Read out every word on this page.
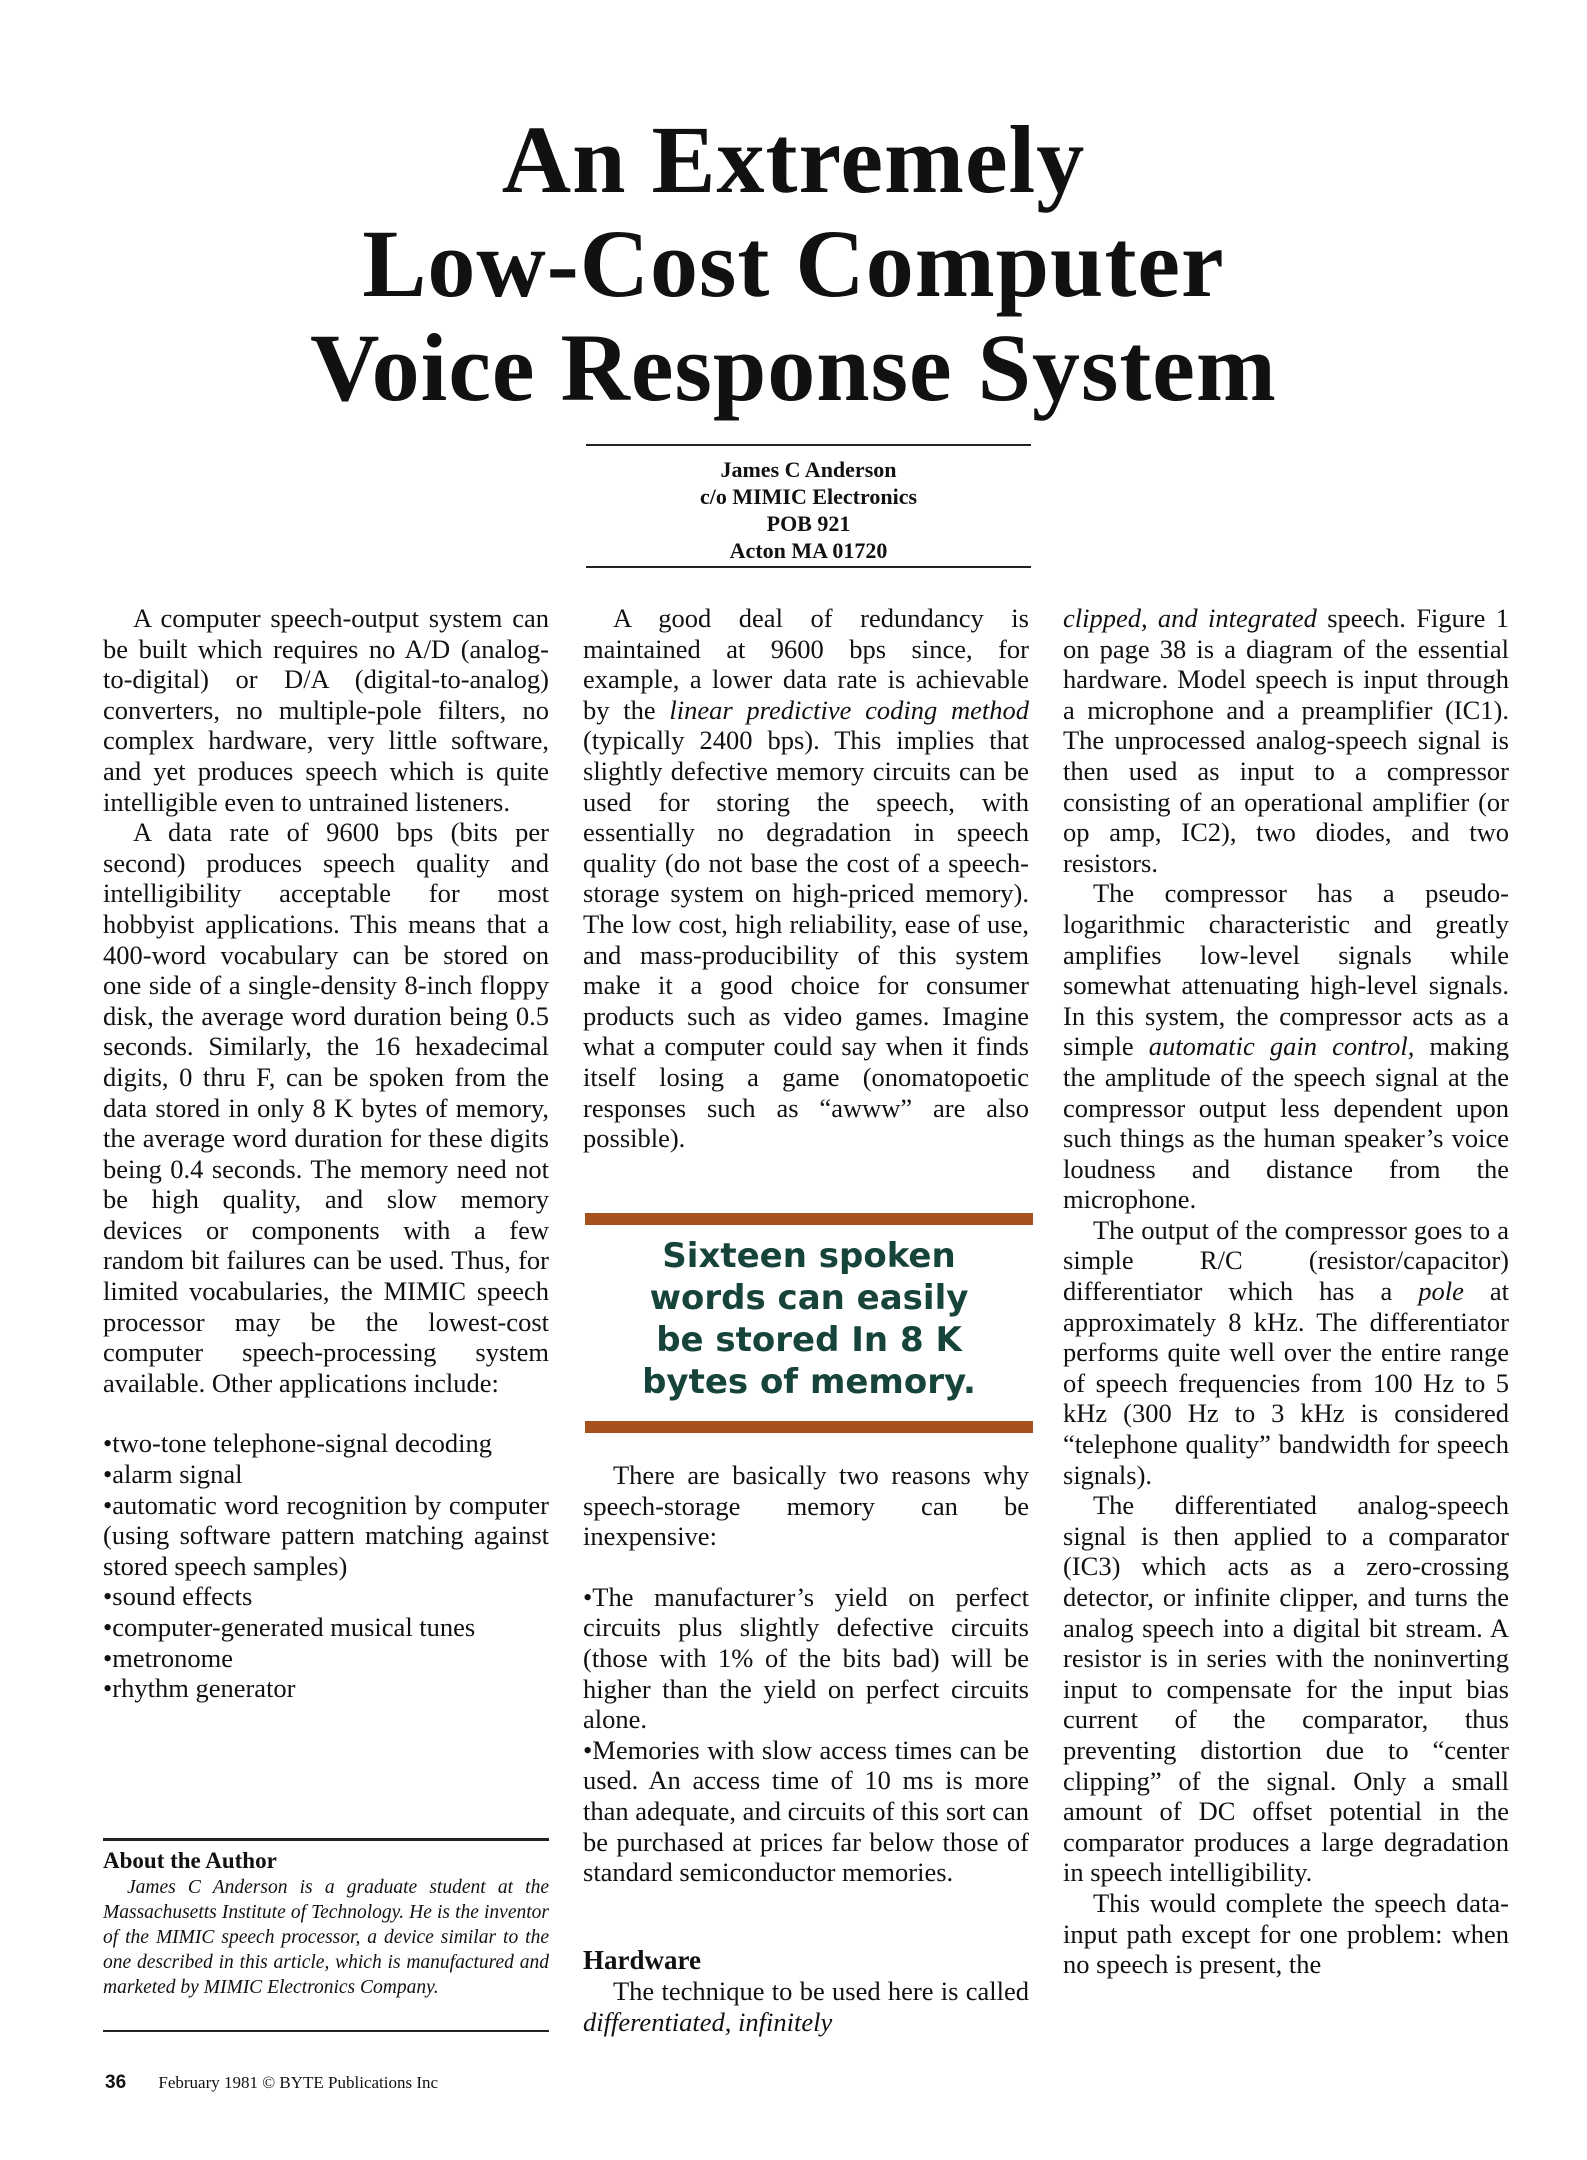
An Extremely
Low-Cost Computer
Voice Response System
James C Anderson
c/o MIMIC Electronics
POB 921
Acton MA 01720

A computer speech-output system can be built which requires no A/D (analog-to-digital) or D/A (digital-to-analog) converters, no multiple-pole filters, no complex hardware, very little software, and yet produces speech which is quite intelligible even to untrained listeners.

A data rate of 9600 bps (bits per second) produces speech quality and intelligibility acceptable for most hobbyist applications. This means that a 400-word vocabulary can be stored on one side of a single-density 8-inch floppy disk, the average word duration being 0.5 seconds. Similarly, the 16 hexadecimal digits, 0 thru F, can be spoken from the data stored in only 8 K bytes of memory, the average word duration for these digits being 0.4 seconds. The memory need not be high quality, and slow memory devices or components with a few random bit failures can be used. Thus, for limited vocabularies, the MIMIC speech processor may be the lowest-cost computer speech-processing system available. Other applications include:

•two-tone telephone-signal decoding

•alarm signal

•automatic word recognition by computer (using software pattern matching against stored speech samples)

•sound effects

•computer-generated musical tunes

•metronome

•rhythm generator

About the Author

James C Anderson is a graduate student at the Massachusetts Institute of Technology. He is the inventor of the MIMIC speech processor, a device similar to the one described in this article, which is manufactured and marketed by MIMIC Electronics Company.

A good deal of redundancy is maintained at 9600 bps since, for example, a lower data rate is achievable by the linear predictive coding method (typically 2400 bps). This implies that slightly defective memory circuits can be used for storing the speech, with essentially no degradation in speech quality (do not base the cost of a speech-storage system on high-priced memory). The low cost, high reliability, ease of use, and mass-producibility of this system make it a good choice for consumer products such as video games. Imagine what a computer could say when it finds itself losing a game (onomatopoetic responses such as “awww” are also possible).

Sixteen spoken
words can easily
be stored In 8 K
bytes of memory.

There are basically two reasons why speech-storage memory can be inexpensive:

•The manufacturer’s yield on perfect circuits plus slightly defective circuits (those with 1% of the bits bad) will be higher than the yield on perfect circuits alone.

•Memories with slow access times can be used. An access time of 10 ms is more than adequate, and circuits of this sort can be purchased at prices far below those of standard semiconductor memories.

Hardware

The technique to be used here is called differentiated, infinitely

clipped, and integrated speech. Figure 1 on page 38 is a diagram of the essential hardware. Model speech is input through a microphone and a preamplifier (IC1). The unprocessed analog-speech signal is then used as input to a compressor consisting of an operational amplifier (or op amp, IC2), two diodes, and two resistors.

The compressor has a pseudo-logarithmic characteristic and greatly amplifies low-level signals while somewhat attenuating high-level signals. In this system, the compressor acts as a simple automatic gain control, making the amplitude of the speech signal at the compressor output less dependent upon such things as the human speaker’s voice loudness and distance from the microphone.

The output of the compressor goes to a simple R/C (resistor/capacitor) differentiator which has a pole at approximately 8 kHz. The differentiator performs quite well over the entire range of speech frequencies from 100 Hz to 5 kHz (300 Hz to 3 kHz is considered “telephone quality” bandwidth for speech signals).

The differentiated analog-speech signal is then applied to a comparator (IC3) which acts as a zero-crossing detector, or infinite clipper, and turns the analog speech into a digital bit stream. A resistor is in series with the noninverting input to compensate for the input bias current of the comparator, thus preventing distortion due to “center clipping” of the signal. Only a small amount of DC offset potential in the comparator produces a large degradation in speech intelligibility.

This would complete the speech data-input path except for one problem: when no speech is present, the

36 February 1981 © BYTE Publications Inc
